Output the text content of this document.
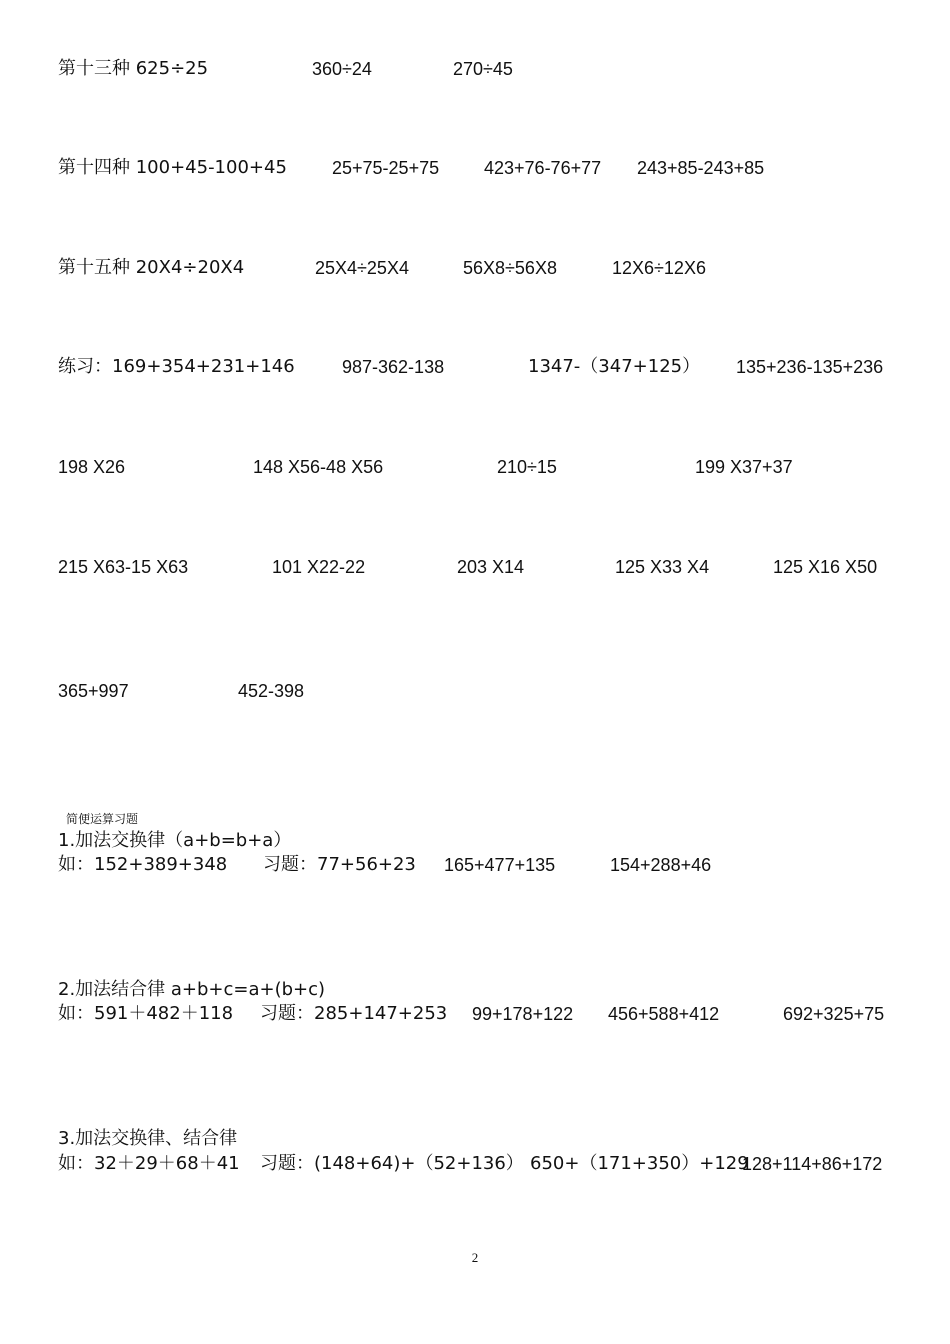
第十三种 625÷25	360÷24	270÷45
第十四种 100+45-100+45	25+75-25+75 423+76-76+77 243+85-243+85
第十五种 20X4÷20X4	25X4÷25X4	56X8÷56X8	12X6÷12X6
练习：169+354+231+146	987-362-138	1347-（347+125） 135+236-135+236
198 X26	148 X56-48 X56	210÷15	199 X37+37
215 X63-15 X63	101 X22-22	203 X14	125 X33 X4	125 X16 X50
365+997	452-398
简便运算习题
1.加法交换律（a+b=b+a）
如：152+389+348 习题：77+56+23 165+477+135	154+288+46
2.加法结合律 a+b+c=a+(b+c)
如：591＋482＋118 习题：285+147+253 99+178+122 456+588+412	692+325+75
3.加法交换律、结合律
如：32＋29＋68＋41 习题：(148+64)+（52+136） 650+（171+350）+129
128+114+86+172
2
